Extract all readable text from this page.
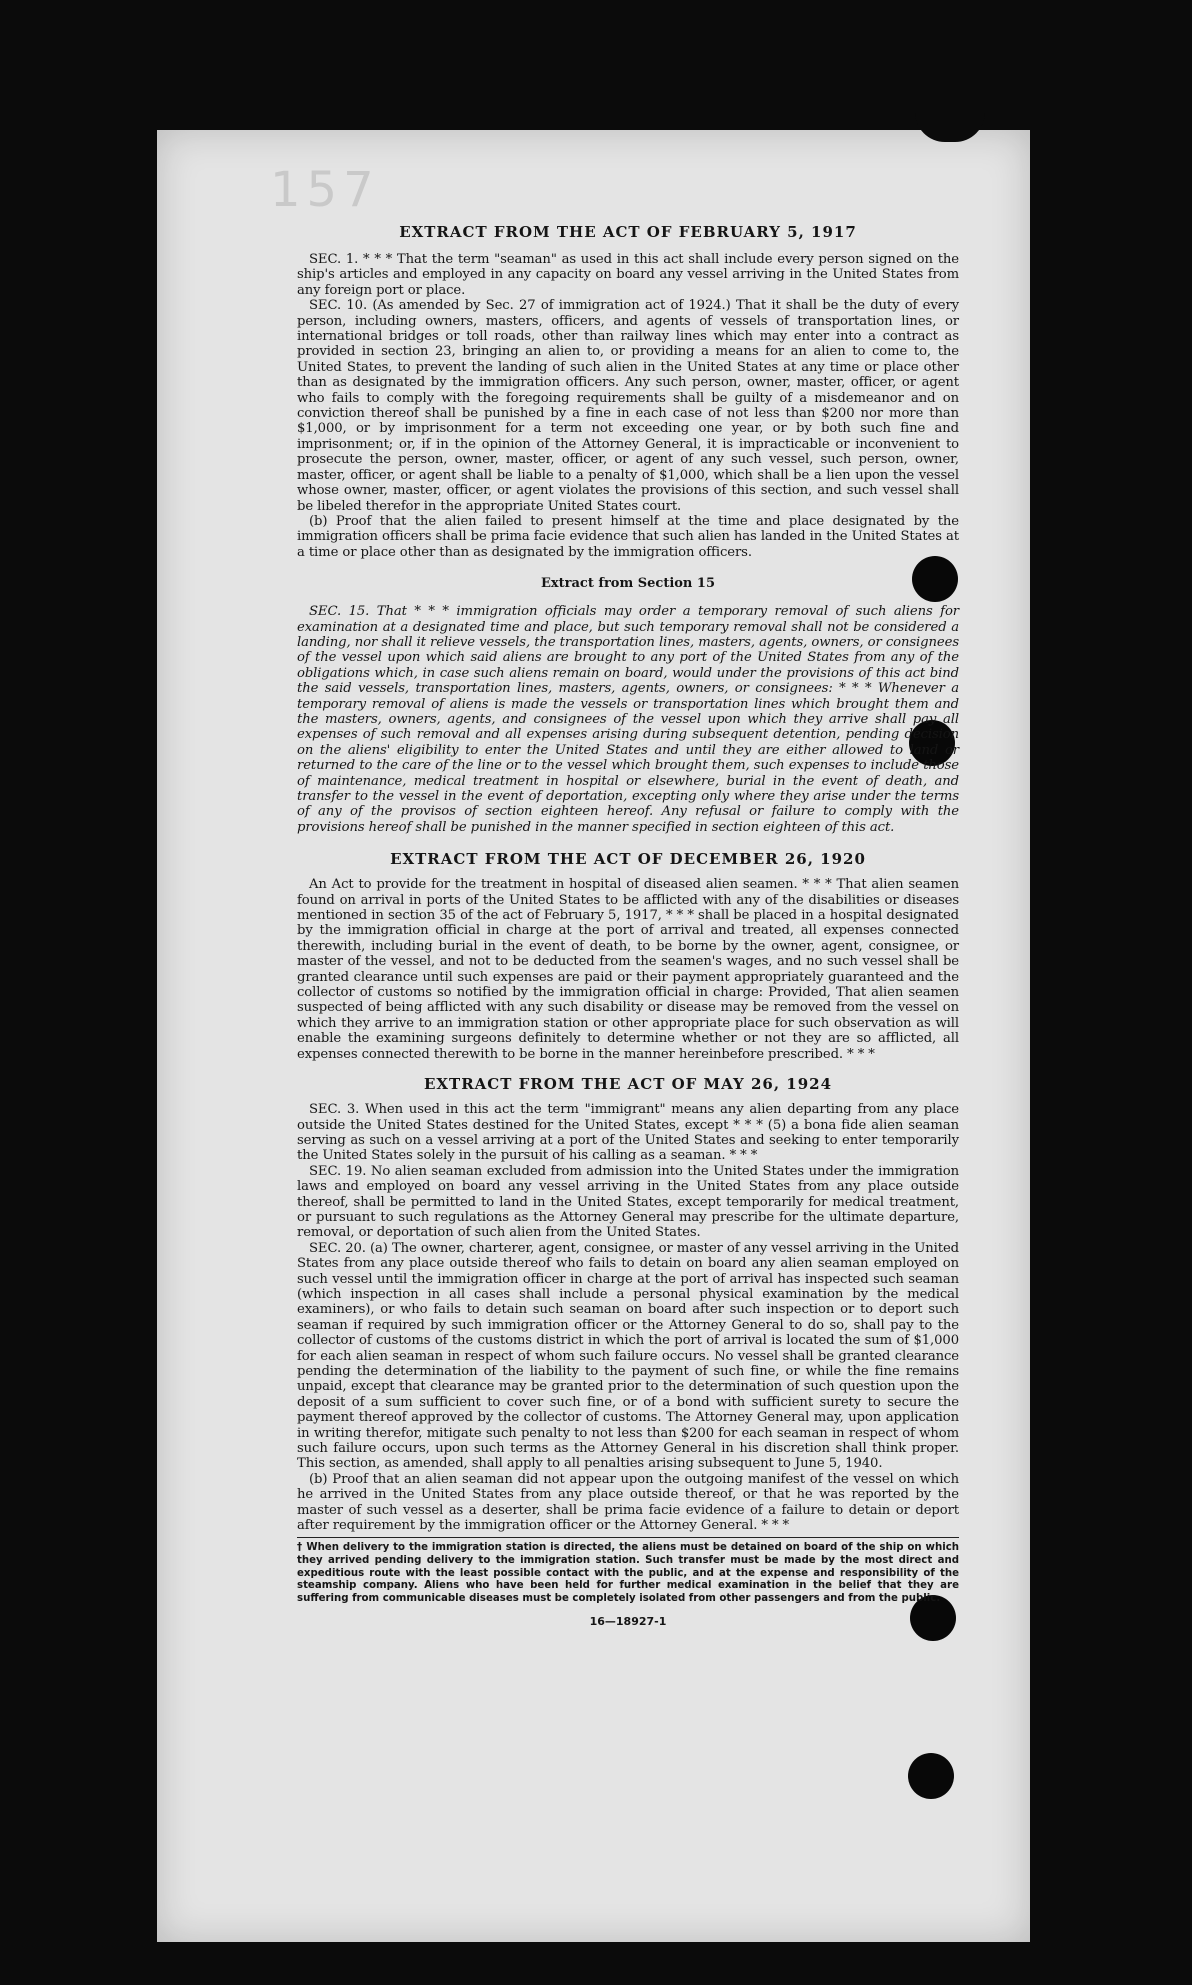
157
EXTRACT FROM THE ACT OF FEBRUARY 5, 1917

SEC. 1. * * * That the term "seaman" as used in this act shall include every person signed on the ship's articles and employed in any capacity on board any vessel arriving in the United States from any foreign port or place.

SEC. 10. (As amended by Sec. 27 of immigration act of 1924.) That it shall be the duty of every person, including owners, masters, officers, and agents of vessels of transportation lines, or international bridges or toll roads, other than railway lines which may enter into a contract as provided in section 23, bringing an alien to, or providing a means for an alien to come to, the United States, to prevent the landing of such alien in the United States at any time or place other than as designated by the immigration officers. Any such person, owner, master, officer, or agent who fails to comply with the foregoing requirements shall be guilty of a misdemeanor and on conviction thereof shall be punished by a fine in each case of not less than $200 nor more than $1,000, or by imprisonment for a term not exceeding one year, or by both such fine and imprisonment; or, if in the opinion of the Attorney General, it is impracticable or inconvenient to prosecute the person, owner, master, officer, or agent of any such vessel, such person, owner, master, officer, or agent shall be liable to a penalty of $1,000, which shall be a lien upon the vessel whose owner, master, officer, or agent violates the provisions of this section, and such vessel shall be libeled therefor in the appropriate United States court.

(b) Proof that the alien failed to present himself at the time and place designated by the immigration officers shall be prima facie evidence that such alien has landed in the United States at a time or place other than as designated by the immigration officers.

Extract from Section 15

SEC. 15. That * * * immigration officials may order a temporary removal of such aliens for examination at a designated time and place, but such temporary removal shall not be considered a landing, nor shall it relieve vessels, the transportation lines, masters, agents, owners, or consignees of the vessel upon which said aliens are brought to any port of the United States from any of the obligations which, in case such aliens remain on board, would under the provisions of this act bind the said vessels, transportation lines, masters, agents, owners, or consignees: * * * Whenever a temporary removal of aliens is made the vessels or transportation lines which brought them and the masters, owners, agents, and consignees of the vessel upon which they arrive shall pay all expenses of such removal and all expenses arising during subsequent detention, pending decision on the aliens' eligibility to enter the United States and until they are either allowed to land or returned to the care of the line or to the vessel which brought them, such expenses to include those of maintenance, medical treatment in hospital or elsewhere, burial in the event of death, and transfer to the vessel in the event of deportation, excepting only where they arise under the terms of any of the provisos of section eighteen hereof. Any refusal or failure to comply with the provisions hereof shall be punished in the manner specified in section eighteen of this act.

EXTRACT FROM THE ACT OF DECEMBER 26, 1920

An Act to provide for the treatment in hospital of diseased alien seamen. * * * That alien seamen found on arrival in ports of the United States to be afflicted with any of the disabilities or diseases mentioned in section 35 of the act of February 5, 1917, * * * shall be placed in a hospital designated by the immigration official in charge at the port of arrival and treated, all expenses connected therewith, including burial in the event of death, to be borne by the owner, agent, consignee, or master of the vessel, and not to be deducted from the seamen's wages, and no such vessel shall be granted clearance until such expenses are paid or their payment appropriately guaranteed and the collector of customs so notified by the immigration official in charge: Provided, That alien seamen suspected of being afflicted with any such disability or disease may be removed from the vessel on which they arrive to an immigration station or other appropriate place for such observation as will enable the examining surgeons definitely to determine whether or not they are so afflicted, all expenses connected therewith to be borne in the manner hereinbefore prescribed. * * *

EXTRACT FROM THE ACT OF MAY 26, 1924

SEC. 3. When used in this act the term "immigrant" means any alien departing from any place outside the United States destined for the United States, except * * * (5) a bona fide alien seaman serving as such on a vessel arriving at a port of the United States and seeking to enter temporarily the United States solely in the pursuit of his calling as a seaman. * * *

SEC. 19. No alien seaman excluded from admission into the United States under the immigration laws and employed on board any vessel arriving in the United States from any place outside thereof, shall be permitted to land in the United States, except temporarily for medical treatment, or pursuant to such regulations as the Attorney General may prescribe for the ultimate departure, removal, or deportation of such alien from the United States.

SEC. 20. (a) The owner, charterer, agent, consignee, or master of any vessel arriving in the United States from any place outside thereof who fails to detain on board any alien seaman employed on such vessel until the immigration officer in charge at the port of arrival has inspected such seaman (which inspection in all cases shall include a personal physical examination by the medical examiners), or who fails to detain such seaman on board after such inspection or to deport such seaman if required by such immigration officer or the Attorney General to do so, shall pay to the collector of customs of the customs district in which the port of arrival is located the sum of $1,000 for each alien seaman in respect of whom such failure occurs. No vessel shall be granted clearance pending the determination of the liability to the payment of such fine, or while the fine remains unpaid, except that clearance may be granted prior to the determination of such question upon the deposit of a sum sufficient to cover such fine, or of a bond with sufficient surety to secure the payment thereof approved by the collector of customs. The Attorney General may, upon application in writing therefor, mitigate such penalty to not less than $200 for each seaman in respect of whom such failure occurs, upon such terms as the Attorney General in his discretion shall think proper. This section, as amended, shall apply to all penalties arising subsequent to June 5, 1940.

(b) Proof that an alien seaman did not appear upon the outgoing manifest of the vessel on which he arrived in the United States from any place outside thereof, or that he was reported by the master of such vessel as a deserter, shall be prima facie evidence of a failure to detain or deport after requirement by the immigration officer or the Attorney General. * * *

† When delivery to the immigration station is directed, the aliens must be detained on board of the ship on which they arrived pending delivery to the immigration station. Such transfer must be made by the most direct and expeditious route with the least possible contact with the public, and at the expense and responsibility of the steamship company. Aliens who have been held for further medical examination in the belief that they are suffering from communicable diseases must be completely isolated from other passengers and from the public.

16—18927-1
